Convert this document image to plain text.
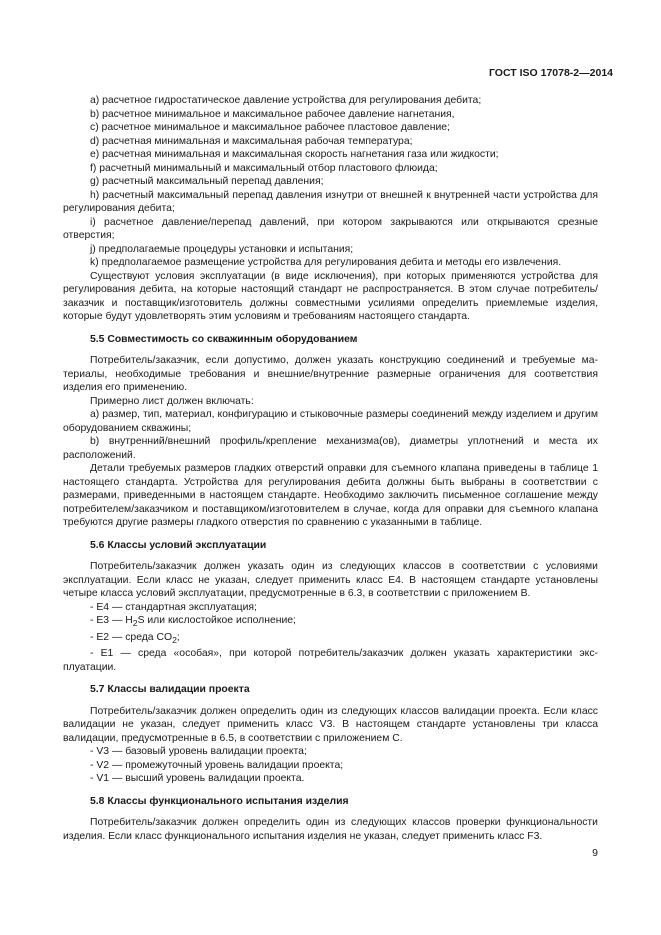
ГОСТ ISO 17078-2—2014

a) расчетное гидростатическое давление устройства для регулирования дебита;

b) расчетное минимальное и максимальное рабочее давление нагнетания,

c) расчетное минимальное и максимальное рабочее пластовое давление;

d) расчетная минимальная и максимальная рабочая температура;

e) расчетная минимальная и максимальная скорость нагнетания газа или жидкости;

f) расчетный минимальный и максимальный отбор пластового флюида;

g) расчетный максимальный перепад давления;

h) расчетный максимальный перепад давления изнутри от внешней к внутренней части устройства для регулирования дебита;

i) расчетное давление/перепад давлений, при котором закрываются или открываются срезные отверстия;

j) предполагаемые процедуры установки и испытания;

k) предполагаемое размещение устройства для регулирования дебита и методы его извлечения.

Существуют условия эксплуатации (в виде исключения), при которых применяются устройства для регулирования дебита, на которые настоящий стандарт не распространяется. В этом случае потребитель/заказчик и поставщик/изготовитель должны совместными усилиями определить приемлемые изделия, которые будут удовлетворять этим условиям и требованиям настоящего стандарта.

5.5 Совместимость со скважинным оборудованием

Потребитель/заказчик, если допустимо, должен указать конструкцию соединений и требуемые материалы, необходимые требования и внешние/внутренние размерные ограничения для соответствия изделия его применению.

Примерно лист должен включать:

a) размер, тип, материал, конфигурацию и стыковочные размеры соединений между изделием и другим оборудованием скважины;

b) внутренний/внешний профиль/крепление механизма(ов), диаметры уплотнений и места их расположений.

Детали требуемых размеров гладких отверстий оправки для съемного клапана приведены в таблице 1 настоящего стандарта. Устройства для регулирования дебита должны быть выбраны в соответствии с размерами, приведенными в настоящем стандарте. Необходимо заключить письменное соглашение между потребителем/заказчиком и поставщиком/изготовителем в случае, когда для оправки для съемного клапана требуются другие размеры гладкого отверстия по сравнению с указанными в таблице.

5.6 Классы условий эксплуатации

Потребитель/заказчик должен указать один из следующих классов в соответствии с условиями эксплуатации. Если класс не указан, следует применить класс Е4. В настоящем стандарте установлены четыре класса условий эксплуатации, предусмотренные в 6.3, в соответствии с приложением В.

- Е4 — стандартная эксплуатация;

- Е3 — $H_2S$ или кислостойкое исполнение;

- Е2 — среда $CO_2$;

- Е1 — среда «особая», при которой потребитель/заказчик должен указать характеристики эксплуатации.

5.7 Классы валидации проекта

Потребитель/заказчик должен определить один из следующих классов валидации проекта. Если класс валидации не указан, следует применить класс V3. В настоящем стандарте установлены три класса валидации, предусмотренные в 6.5, в соответствии с приложением С.

- V3 — базовый уровень валидации проекта;

- V2 — промежуточный уровень валидации проекта;

- V1 — высший уровень валидации проекта.

5.8 Классы функционального испытания изделия

Потребитель/заказчик должен определить один из следующих классов проверки функциональности изделия. Если класс функционального испытания изделия не указан, следует применить класс F3.

9
